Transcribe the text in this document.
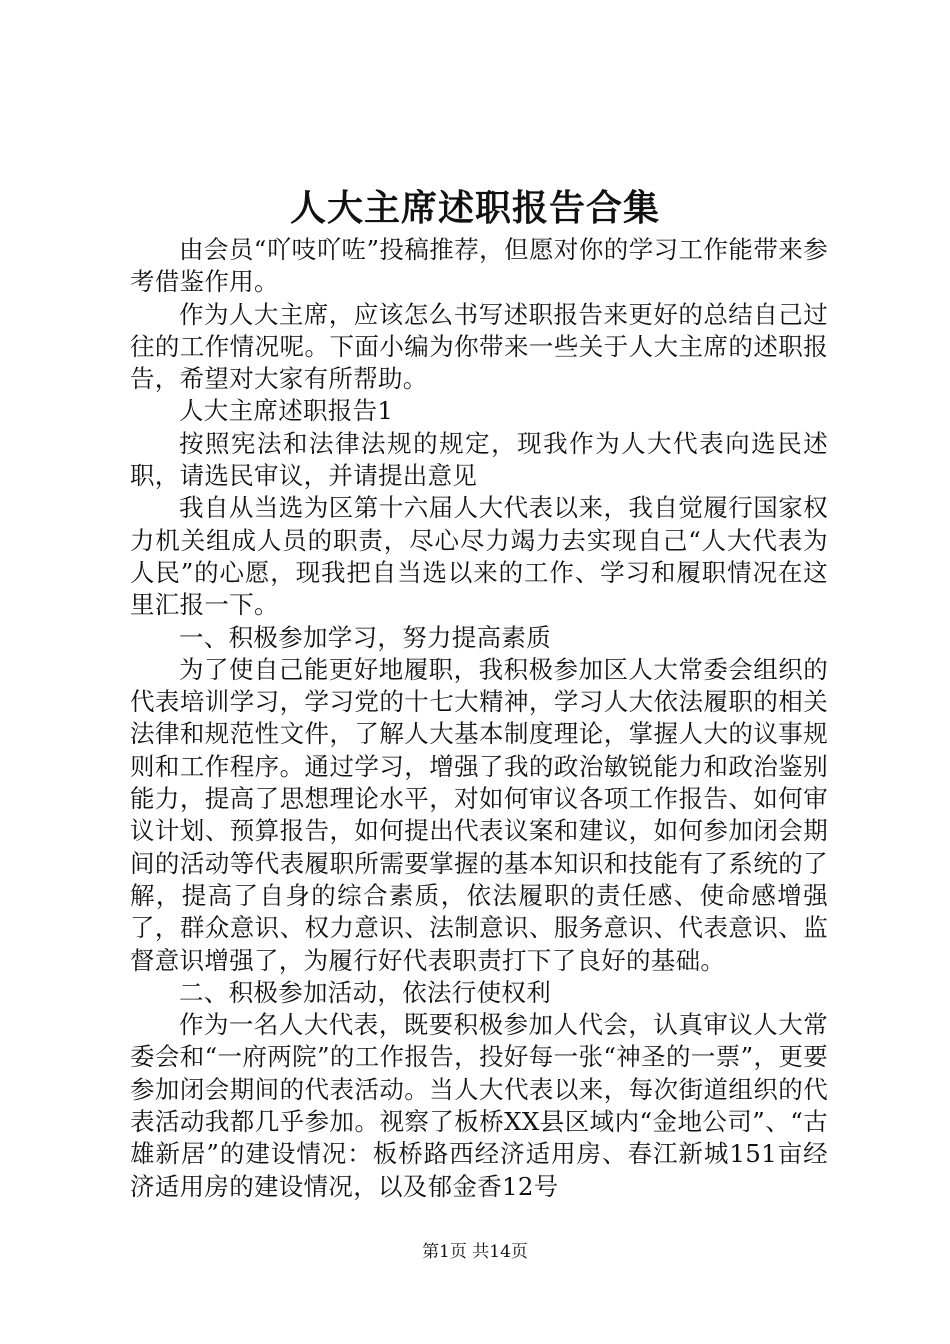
人大主席述职报告合集

由会员“吖吱吖咗”投稿推荐，但愿对你的学习工作能带来参考借鉴作用。

作为人大主席，应该怎么书写述职报告来更好的总结自己过往的工作情况呢。下面小编为你带来一些关于人大主席的述职报告，希望对大家有所帮助。

人大主席述职报告1

按照宪法和法律法规的规定，现我作为人大代表向选民述职，请选民审议，并请提出意见

我自从当选为区第十六届人大代表以来，我自觉履行国家权力机关组成人员的职责，尽心尽力竭力去实现自己“人大代表为人民”的心愿，现我把自当选以来的工作、学习和履职情况在这里汇报一下。

一、积极参加学习，努力提高素质

为了使自己能更好地履职，我积极参加区人大常委会组织的代表培训学习，学习党的十七大精神，学习人大依法履职的相关法律和规范性文件，了解人大基本制度理论，掌握人大的议事规则和工作程序。通过学习，增强了我的政治敏锐能力和政治鉴别能力，提高了思想理论水平，对如何审议各项工作报告、如何审议计划、预算报告，如何提出代表议案和建议，如何参加闭会期间的活动等代表履职所需要掌握的基本知识和技能有了系统的了解，提高了自身的综合素质，依法履职的责任感、使命感增强了，群众意识、权力意识、法制意识、服务意识、代表意识、监督意识增强了，为履行好代表职责打下了良好的基础。

二、积极参加活动，依法行使权利

作为一名人大代表，既要积极参加人代会，认真审议人大常委会和“一府两院”的工作报告，投好每一张“神圣的一票”，更要参加闭会期间的代表活动。当人大代表以来，每次街道组织的代表活动我都几乎参加。视察了板桥XX县区域内“金地公司”、“古雄新居”的建设情况：板桥路西经济适用房、春江新城151亩经济适用房的建设情况，以及郁金香12号

第1页 共14页
